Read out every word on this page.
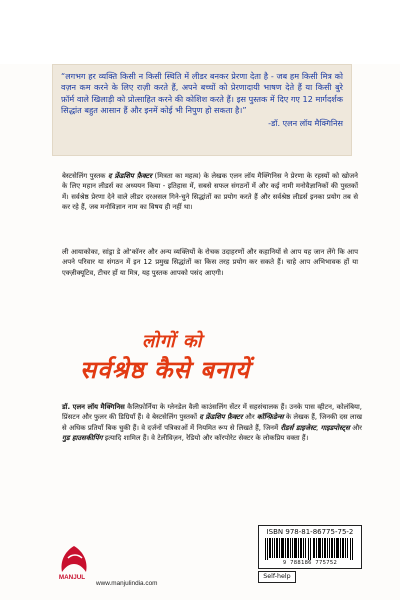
“लगभग हर व्यक्ति किसी न किसी स्थिति में लीडर बनकर प्रेरणा देता है - जब हम किसी मित्र को वज़न कम करने के लिए राज़ी करते हैं, अपने बच्चों को प्रेरणादायी भाषण देते हैं या किसी बुरे फ़ॉर्म वाले खिलाड़ी को प्रोत्साहित करने की कोशिश करते हैं। इस पुस्तक में दिए गए 12 मार्गदर्शक सिद्धांत बहुत आसान हैं और इनमें कोई भी निपुण हो सकता है।”
-डॉ. एलन लॉय मैक्गिनिस
बेस्टसेलिंग पुस्तक द फ्रेंडशिप फ़ैक्टर (मित्रता का महत्व) के लेखक एलन लॉय मैक्गिनिस ने प्रेरणा के रहस्यों को खोजने के लिए महान लीडर्स का अध्ययन किया - इतिहास में, सबसे सफल संगठनों में और कई नामी मनोवैज्ञानिकों की पुस्तकों में। सर्वश्रेष्ठ प्रेरणा देने वाले लीडर दरअसल गिने-चुने सिद्धांतों का प्रयोग करते हैं और सर्वश्रेष्ठ लीडर्स इनका प्रयोग तब से कर रहे हैं, जब मनोविज्ञान नाम का विषय ही नहीं था।
ली आयाकोका, सांड्रा डे ओ'कॉनर और अन्य व्यक्तियों के रोचक उदाहरणों और कहानियों से आप यह जान लेंगे कि आप अपने परिवार या संगठन में इन 12 प्रमुख सिद्धांतों का किस तरह प्रयोग कर सकते हैं। चाहे आप अभिभावक हों या एक्ज़ीक्यूटिव, टीचर हों या मित्र, यह पुस्तक आपको पसंद आएगी।
लोगों को
सर्वश्रेष्ठ कैसे बनायें
डॉ. एलन लॉय मैक्गिनिस कैलिफ़ोर्निया के ग्लेनडेल वैली काउंसलिंग सेंटर में सहसंचालक हैं। उनके पास व्हीटन, कोलंबिया, प्रिंसटन और फुलर की डिग्रियाँ हैं। वे बेस्टसेलिंग पुस्तकों द फ्रेंडशिप फ़ैक्टर और कॉन्फ़िडेन्स के लेखक हैं, जिनकी दस लाख से अधिक प्रतियाँ बिक चुकी हैं। वे दर्जनों पत्रिकाओं में नियमित रूप से लिखते हैं, जिनमें रीडर्स डाइजेस्ट, गाइडपोस्ट्स और गुड हाउसकीपिंग इत्यादि शामिल हैं। वे टेलीविज़न, रेडियो और कॉरपोरेट सेक्टर के लोकप्रिय वक्ता हैं।
MANJUL
www.manjulindia.com
ISBN 978-81-86775-75-2
9 788186 775752
Self-help
